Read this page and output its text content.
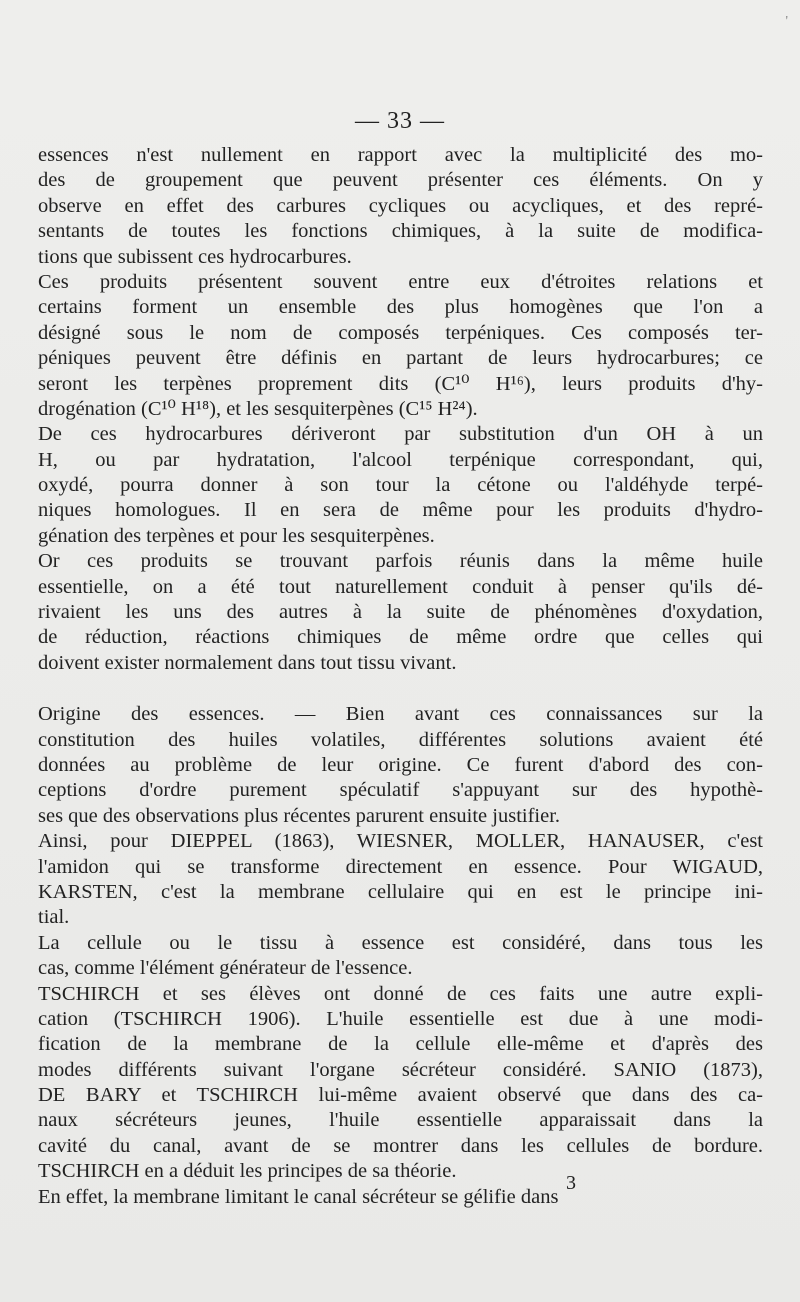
'
— 33 —
essences n'est nullement en rapport avec la multiplicité des mo-
des de groupement que peuvent présenter ces éléments. On y
observe en effet des carbures cycliques ou acycliques, et des repré-
sentants de toutes les fonctions chimiques, à la suite de modifica-
tions que subissent ces hydrocarbures.
Ces produits présentent souvent entre eux d'étroites relations et
certains forment un ensemble des plus homogènes que l'on a
désigné sous le nom de composés terpéniques. Ces composés ter-
péniques peuvent être définis en partant de leurs hydrocarbures; ce
seront les terpènes proprement dits (C¹⁰ H¹⁶), leurs produits d'hy-
drogénation (C¹⁰ H¹⁸), et les sesquiterpènes (C¹⁵ H²⁴).
De ces hydrocarbures dériveront par substitution d'un OH à un
H, ou par hydratation, l'alcool terpénique correspondant, qui,
oxydé, pourra donner à son tour la cétone ou l'aldéhyde terpé-
niques homologues. Il en sera de même pour les produits d'hydro-
génation des terpènes et pour les sesquiterpènes.
Or ces produits se trouvant parfois réunis dans la même huile
essentielle, on a été tout naturellement conduit à penser qu'ils dé-
rivaient les uns des autres à la suite de phénomènes d'oxydation,
de réduction, réactions chimiques de même ordre que celles qui
doivent exister normalement dans tout tissu vivant.
Origine des essences. — Bien avant ces connaissances sur la
constitution des huiles volatiles, différentes solutions avaient été
données au problème de leur origine. Ce furent d'abord des con-
ceptions d'ordre purement spéculatif s'appuyant sur des hypothè-
ses que des observations plus récentes parurent ensuite justifier.
Ainsi, pour DIEPPEL (1863), WIESNER, MOLLER, HANAUSER, c'est
l'amidon qui se transforme directement en essence. Pour WIGAUD,
KARSTEN, c'est la membrane cellulaire qui en est le principe ini-
tial.
La cellule ou le tissu à essence est considéré, dans tous les
cas, comme l'élément générateur de l'essence.
TSCHIRCH et ses élèves ont donné de ces faits une autre expli-
cation (TSCHIRCH 1906). L'huile essentielle est due à une modi-
fication de la membrane de la cellule elle-même et d'après des
modes différents suivant l'organe sécréteur considéré. SANIO (1873),
DE BARY et TSCHIRCH lui-même avaient observé que dans des ca-
naux sécréteurs jeunes, l'huile essentielle apparaissait dans la
cavité du canal, avant de se montrer dans les cellules de bordure.
TSCHIRCH en a déduit les principes de sa théorie.
En effet, la membrane limitant le canal sécréteur se gélifie dans
3
